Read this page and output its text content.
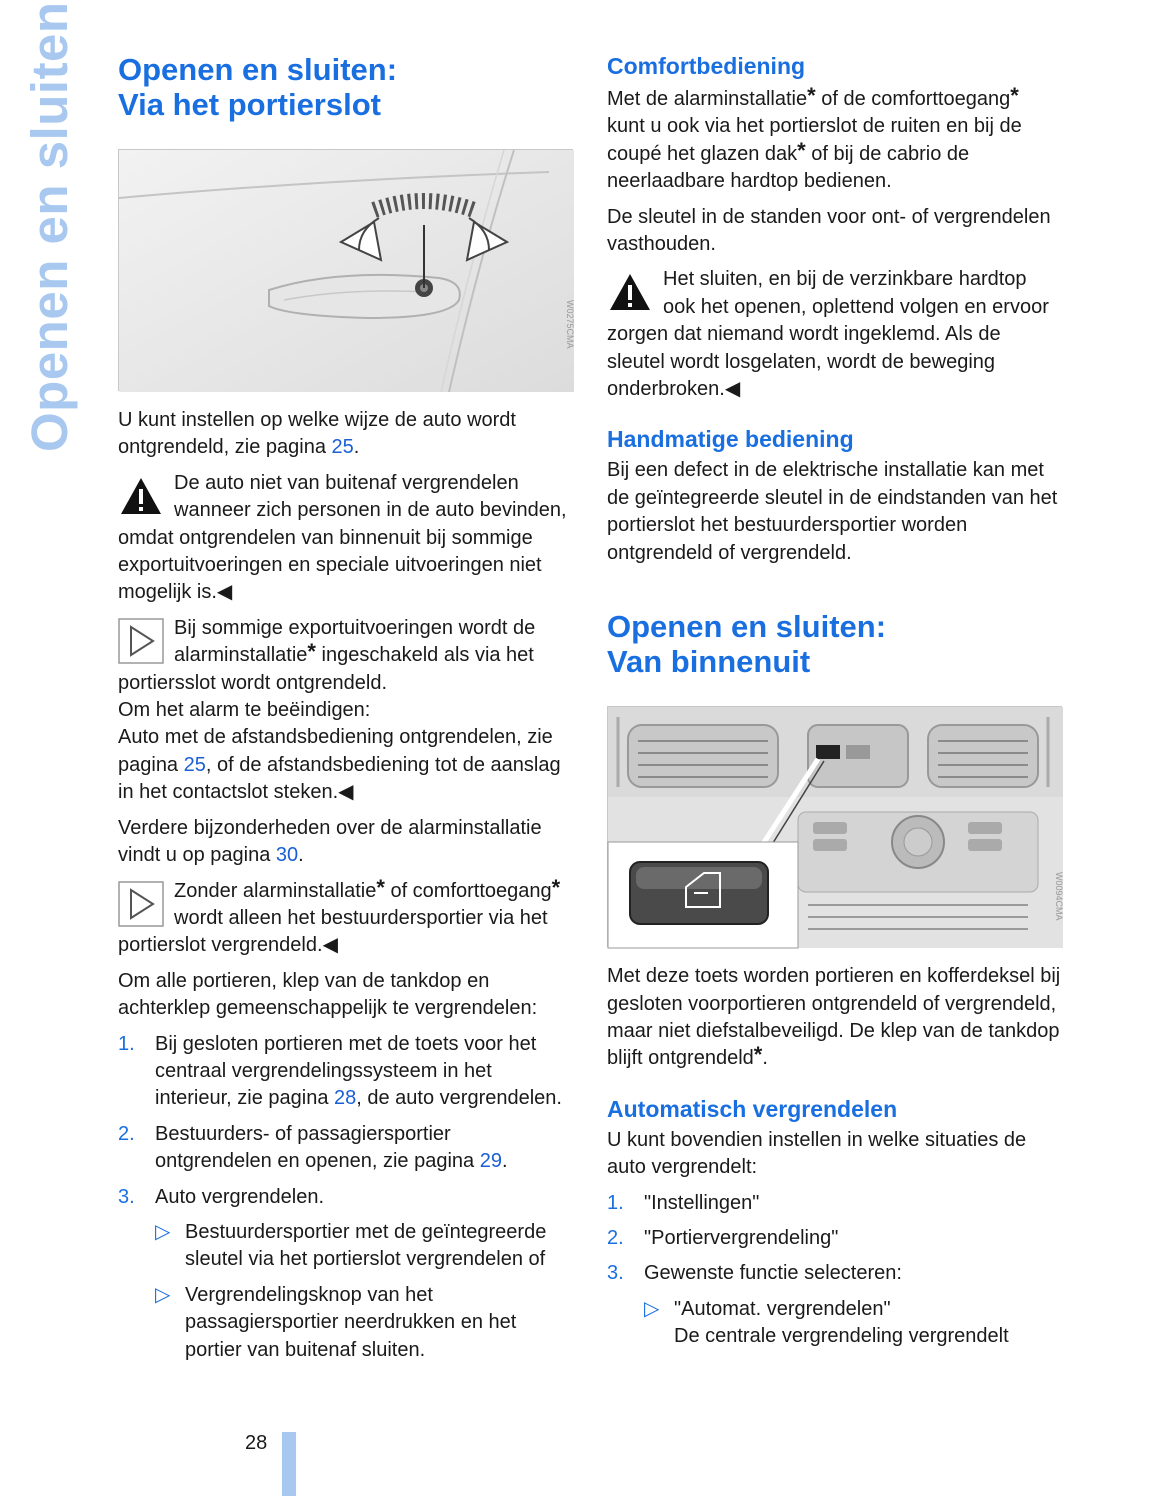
Openen en sluiten Openen en sluiten:
Via het portierslot
W0275CMA

U kunt instellen op welke wijze de auto wordt ontgrendeld, zie pagina 25.

De auto niet van buitenaf vergrendelen wanneer zich personen in de auto bevinden, omdat ontgrendelen van binnenuit bij sommige exportuitvoeringen en speciale uitvoeringen niet mogelijk is.◀

Bij sommige exportuitvoeringen wordt de alarminstallatie* ingeschakeld als via het portiersslot wordt ontgrendeld.
Om het alarm te beëindigen:
Auto met de afstandsbediening ontgrendelen, zie pagina 25, of de afstandsbediening tot de aanslag in het contactslot steken.◀

Verdere bijzonderheden over de alarminstallatie vindt u op pagina 30.

Zonder alarminstallatie* of comforttoegang* wordt alleen het bestuurdersportier via het portierslot vergrendeld.◀

Om alle portieren, klep van de tankdop en achterklep gemeenschappelijk te vergrendelen:

1. Bij gesloten portieren met de toets voor het centraal vergrendelingssysteem in het interieur, zie pagina 28, de auto vergrendelen.
2. Bestuurders- of passagiersportier ontgrendelen en openen, zie pagina 29.
3. Auto vergrendelen.
▷ Bestuurdersportier met de geïntegreerde sleutel via het portierslot vergrendelen of
▷ Vergrendelingsknop van het passagiersportier neerdrukken en het portier van buitenaf sluiten.
Comfortbediening

Met de alarminstallatie* of de comforttoegang* kunt u ook via het portierslot de ruiten en bij de coupé het glazen dak* of bij de cabrio de neerlaadbare hardtop bedienen.

De sleutel in de standen voor ont- of vergrendelen vasthouden.

Het sluiten, en bij de verzinkbare hardtop ook het openen, oplettend volgen en ervoor zorgen dat niemand wordt ingeklemd. Als de sleutel wordt losgelaten, wordt de beweging onderbroken.◀

Handmatige bediening

Bij een defect in de elektrische installatie kan met de geïntegreerde sleutel in de eindstanden van het portierslot het bestuurdersportier worden ontgrendeld of vergrendeld.

Openen en sluiten:
Van binnenuit
W0094CMA

Met deze toets worden portieren en kofferdeksel bij gesloten voorportieren ontgrendeld of vergrendeld, maar niet diefstalbeveiligd. De klep van de tankdop blijft ontgrendeld*.

Automatisch vergrendelen

U kunt bovendien instellen in welke situaties de auto vergrendelt:

1. "Instellingen"
2. "Portiervergrendeling"
3. Gewenste functie selecteren:
▷ "Automat. vergrendelen"
De centrale vergrendeling vergrendelt
28
